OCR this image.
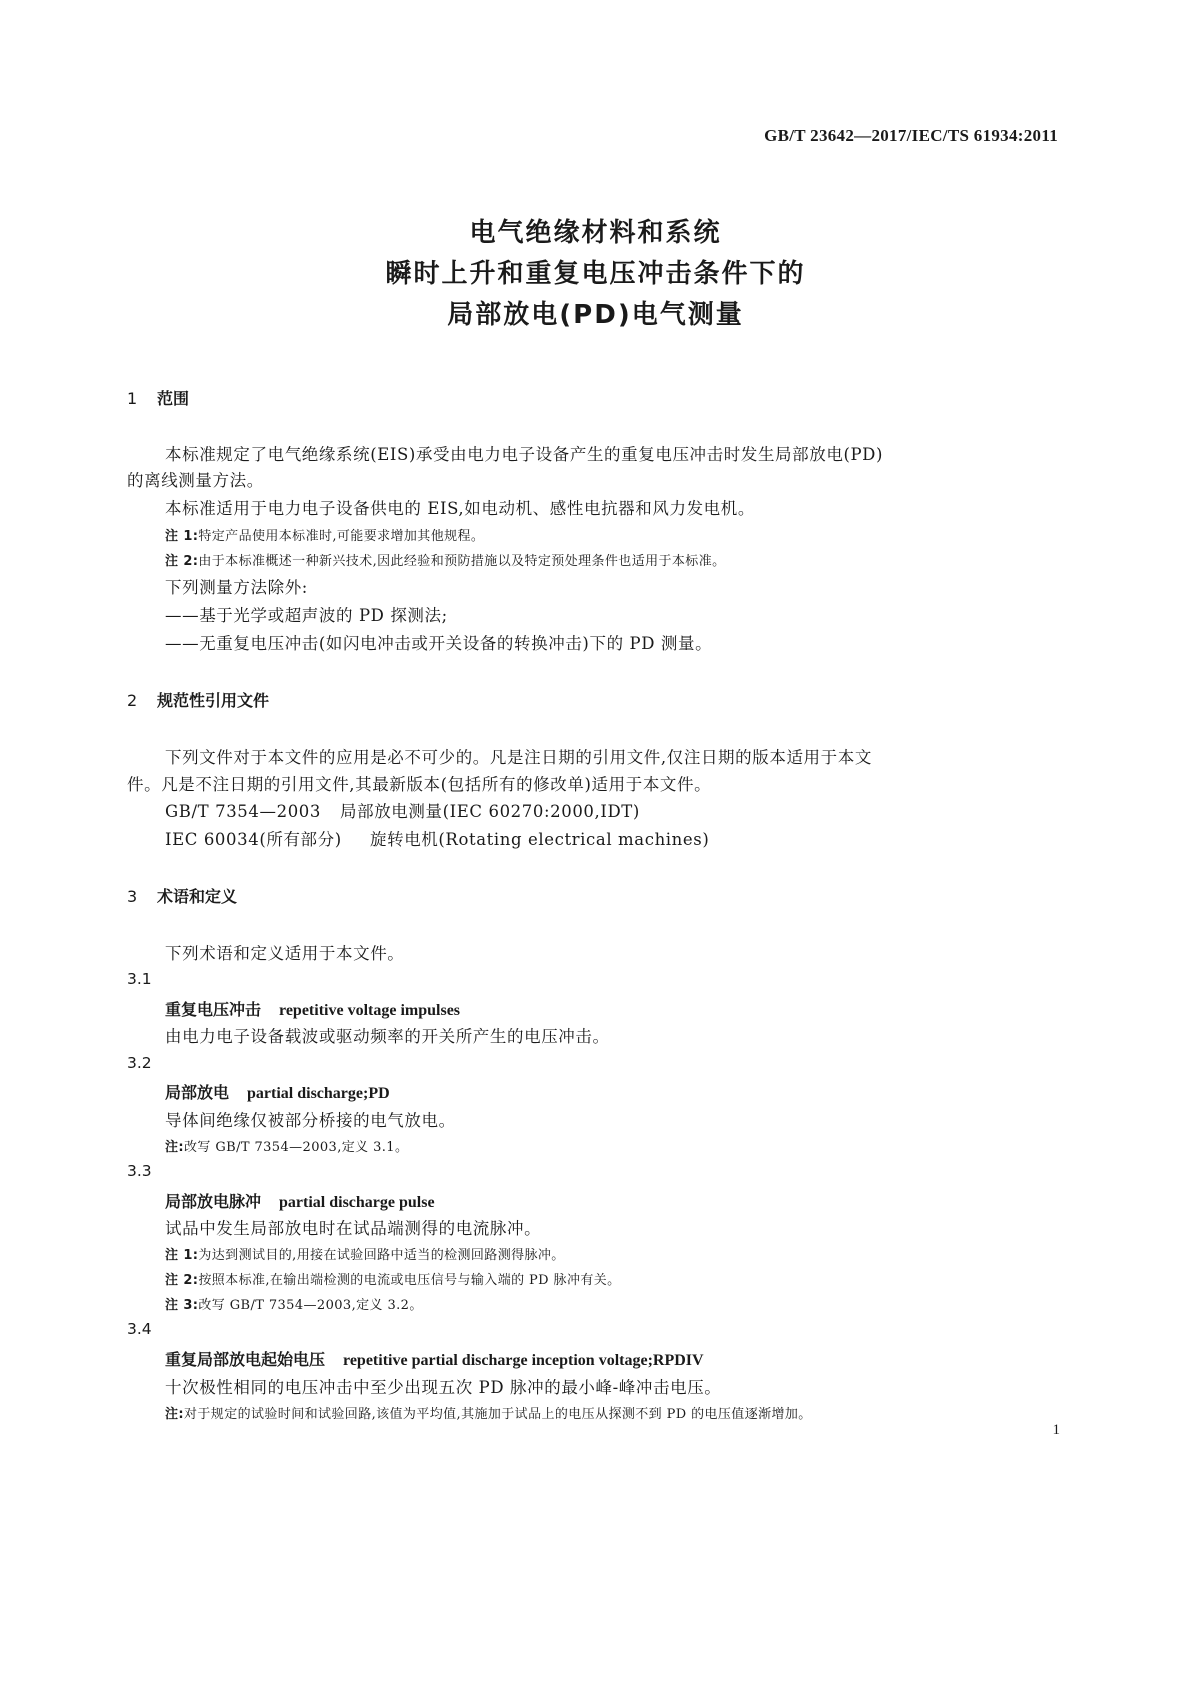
GB/T 23642—2017/IEC/TS 61934:2011
电气绝缘材料和系统
瞬时上升和重复电压冲击条件下的
局部放电(PD)电气测量
1 范围
本标准规定了电气绝缘系统(EIS)承受由电力电子设备产生的重复电压冲击时发生局部放电(PD)
的离线测量方法。
本标准适用于电力电子设备供电的 EIS,如电动机、感性电抗器和风力发电机。
注 1:特定产品使用本标准时,可能要求增加其他规程。
注 2:由于本标准概述一种新兴技术,因此经验和预防措施以及特定预处理条件也适用于本标准。
下列测量方法除外:
——基于光学或超声波的 PD 探测法;
——无重复电压冲击(如闪电冲击或开关设备的转换冲击)下的 PD 测量。
2 规范性引用文件
下列文件对于本文件的应用是必不可少的。凡是注日期的引用文件,仅注日期的版本适用于本文
件。凡是不注日期的引用文件,其最新版本(包括所有的修改单)适用于本文件。
GB/T 7354—2003 局部放电测量(IEC 60270:2000,IDT)
IEC 60034(所有部分) 旋转电机(Rotating electrical machines)
3 术语和定义
下列术语和定义适用于本文件。
3.1
重复电压冲击 repetitive voltage impulses
由电力电子设备载波或驱动频率的开关所产生的电压冲击。
3.2
局部放电 partial discharge;PD
导体间绝缘仅被部分桥接的电气放电。
注:改写 GB/T 7354—2003,定义 3.1。
3.3
局部放电脉冲 partial discharge pulse
试品中发生局部放电时在试品端测得的电流脉冲。
注 1:为达到测试目的,用接在试验回路中适当的检测回路测得脉冲。
注 2:按照本标准,在输出端检测的电流或电压信号与输入端的 PD 脉冲有关。
注 3:改写 GB/T 7354—2003,定义 3.2。
3.4
重复局部放电起始电压 repetitive partial discharge inception voltage;RPDIV
十次极性相同的电压冲击中至少出现五次 PD 脉冲的最小峰-峰冲击电压。
注:对于规定的试验时间和试验回路,该值为平均值,其施加于试品上的电压从探测不到 PD 的电压值逐渐增加。
1
